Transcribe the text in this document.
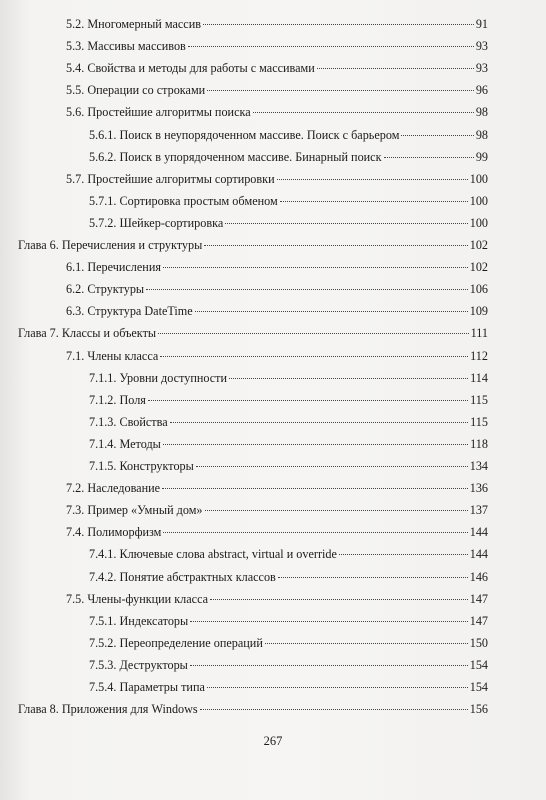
5.2. Многомерный массив	91
5.3. Массивы массивов	93
5.4. Свойства и методы для работы с массивами	93
5.5. Операции со строками	96
5.6. Простейшие алгоритмы поиска	98
5.6.1. Поиск в неупорядоченном массиве. Поиск с барьером	98
5.6.2. Поиск в упорядоченном массиве. Бинарный поиск	99
5.7. Простейшие алгоритмы сортировки	100
5.7.1. Сортировка простым обменом	100
5.7.2. Шейкер-сортировка	100
Глава 6. Перечисления и структуры	102
6.1. Перечисления	102
6.2. Структуры	106
6.3. Структура DateTime	109
Глава 7. Классы и объекты	111
7.1. Члены класса	112
7.1.1. Уровни доступности	114
7.1.2. Поля	115
7.1.3. Свойства	115
7.1.4. Методы	118
7.1.5. Конструкторы	134
7.2. Наследование	136
7.3. Пример «Умный дом»	137
7.4. Полиморфизм	144
7.4.1. Ключевые слова abstract, virtual и override	144
7.4.2. Понятие абстрактных классов	146
7.5. Члены-функции класса	147
7.5.1. Индексаторы	147
7.5.2. Переопределение операций	150
7.5.3. Деструкторы	154
7.5.4. Параметры типа	154
Глава 8. Приложения для Windows	156
267
